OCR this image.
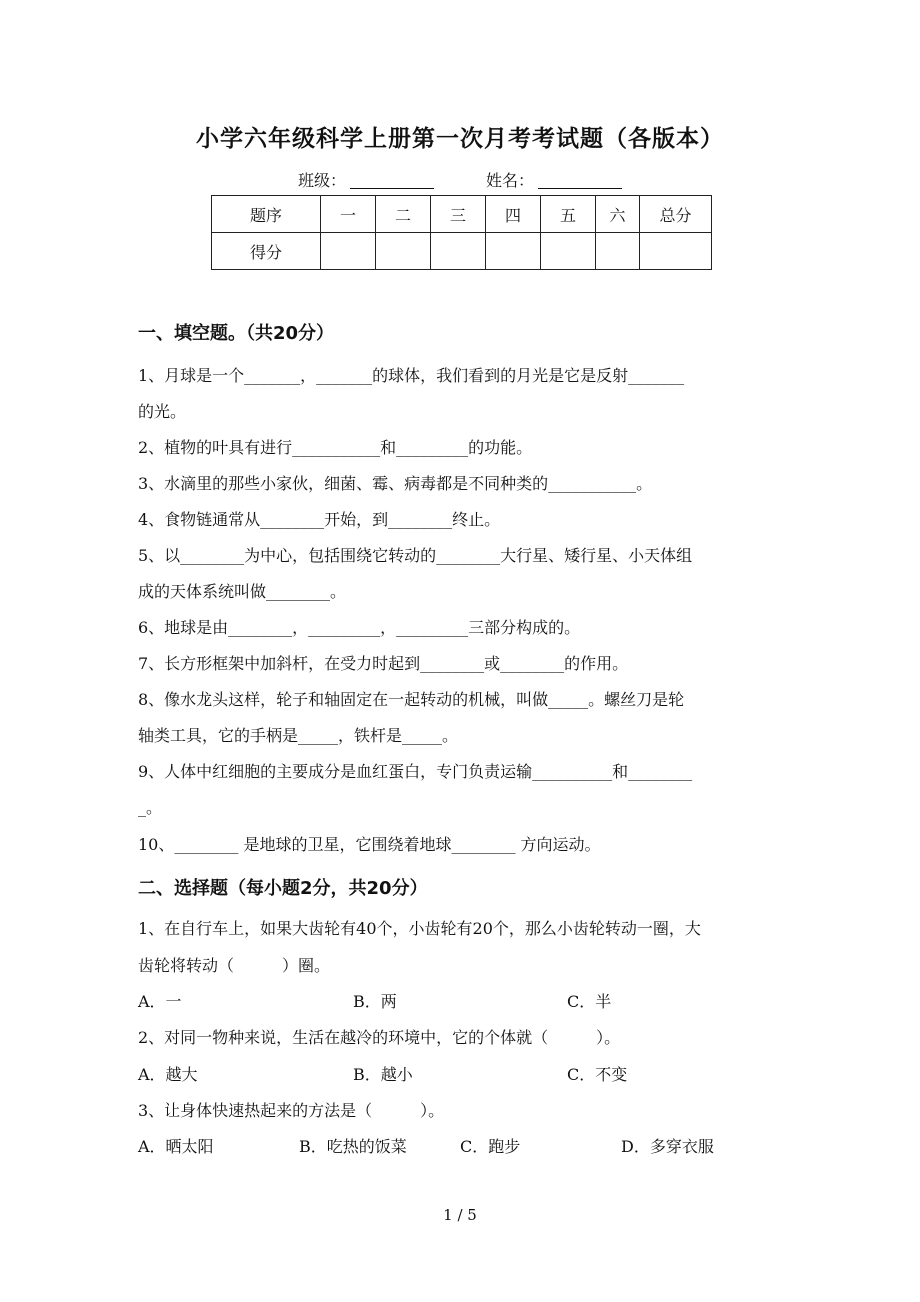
小学六年级科学上册第一次月考考试题（各版本）
班级：	姓名：
题序	一	二	三	四	五	六	总分
得分							
一、填空题。（共20分）
1、月球是一个_______，_______的球体，我们看到的月光是它是反射_______
的光。
2、植物的叶具有进行___________和_________的功能。
3、水滴里的那些小家伙，细菌、霉、病毒都是不同种类的___________。
4、食物链通常从________开始，到________终止。
5、以________为中心，包括围绕它转动的________大行星、矮行星、小天体组
成的天体系统叫做________。
6、地球是由________，_________，_________三部分构成的。
7、长方形框架中加斜杆，在受力时起到________或________的作用。
8、像水龙头这样，轮子和轴固定在一起转动的机械，叫做_____。螺丝刀是轮
轴类工具，它的手柄是_____，铁杆是_____。
9、人体中红细胞的主要成分是血红蛋白，专门负责运输__________和________
_。
10、________ 是地球的卫星，它围绕着地球________ 方向运动。
二、选择题（每小题2分，共20分）
1、在自行车上，如果大齿轮有40个，小齿轮有20个，那么小齿轮转动一圈，大
齿轮将转动（　　　）圈。
A．一	B．两	C．半
2、对同一物种来说，生活在越冷的环境中，它的个体就（　　　）。
A．越大	B．越小	C．不变
3、让身体快速热起来的方法是（　　　）。
A．晒太阳	B．吃热的饭菜	C．跑步	D．多穿衣服
1 / 5
